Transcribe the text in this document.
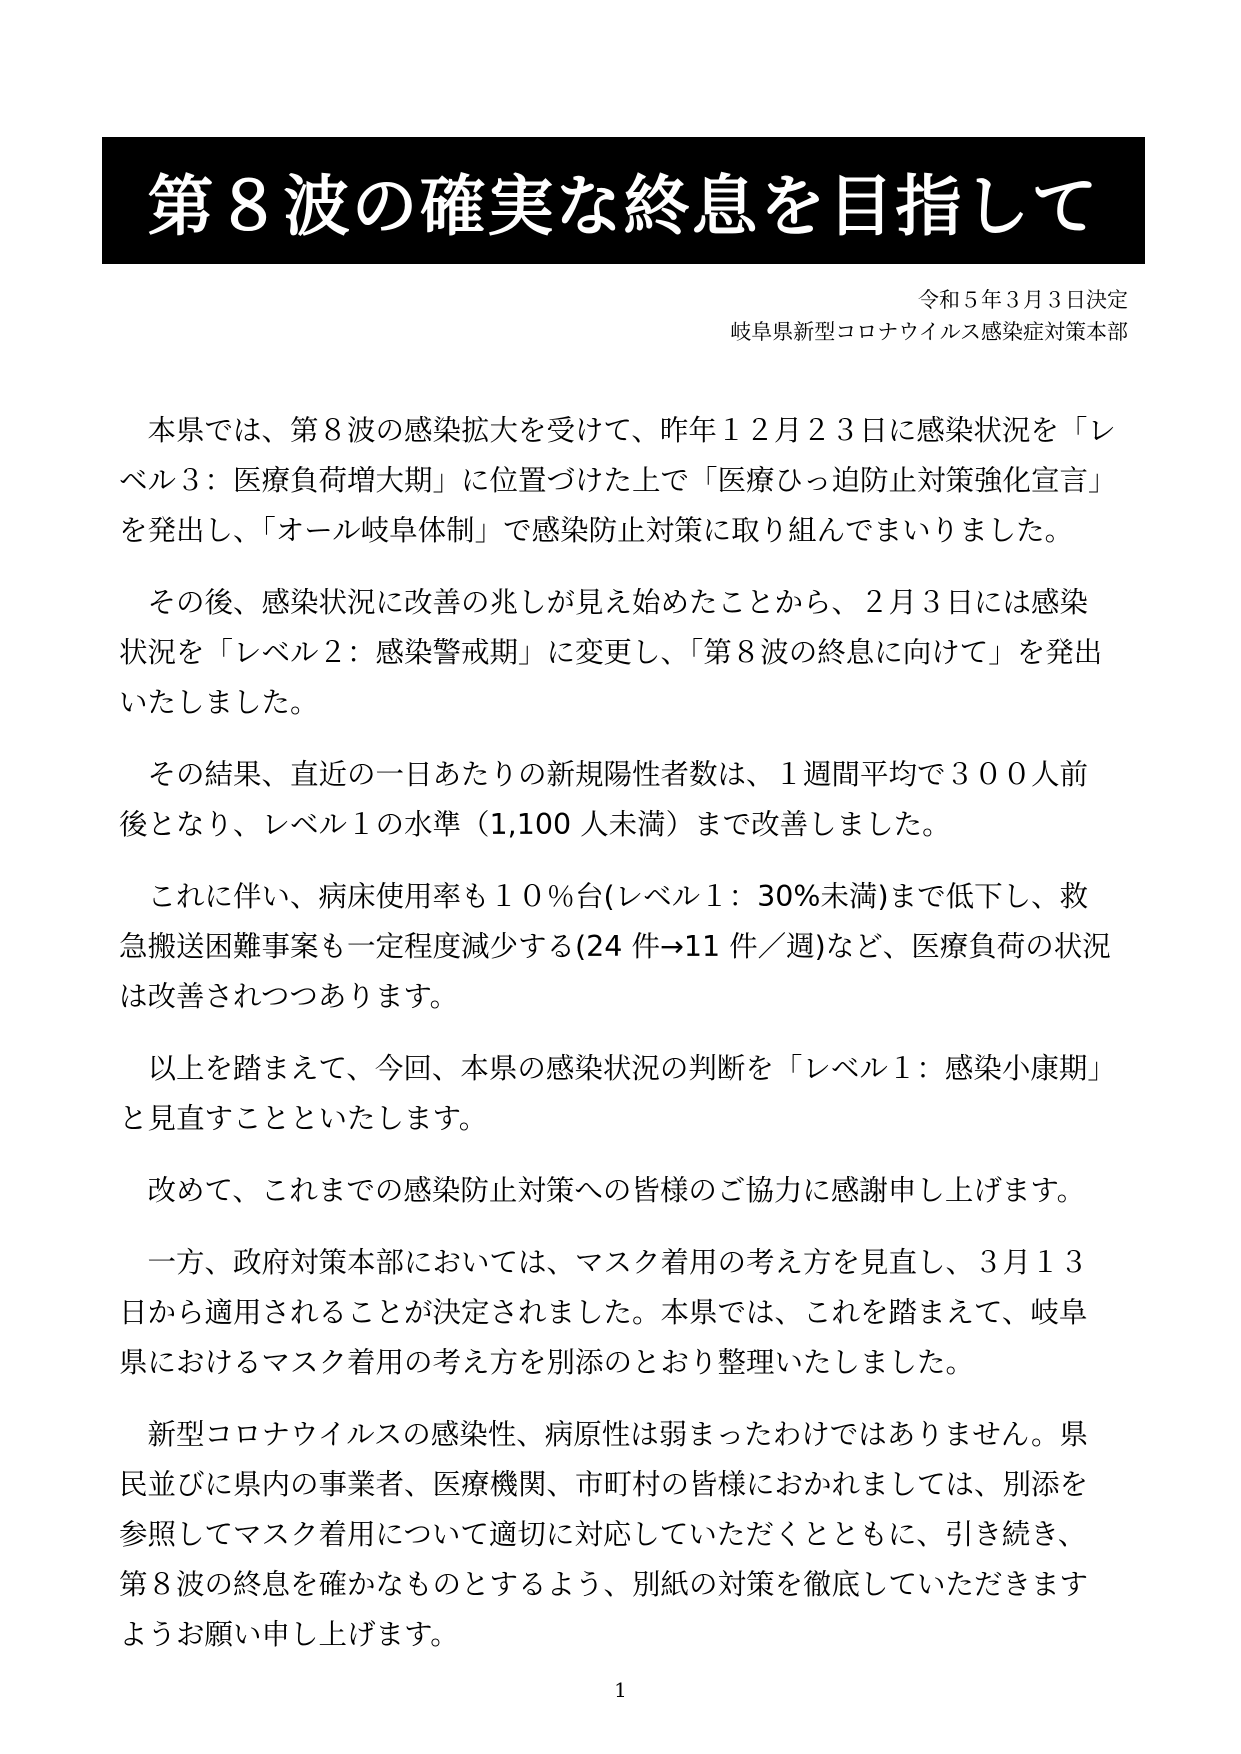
第８波の確実な終息を目指して
令和５年３月３日決定
岐阜県新型コロナウイルス感染症対策本部
　本県では、第８波の感染拡大を受けて、昨年１２月２３日に感染状況を「レ
ベル３：医療負荷増大期」に位置づけた上で「医療ひっ迫防止対策強化宣言」
を発出し、「オール岐阜体制」で感染防止対策に取り組んでまいりました。
　その後、感染状況に改善の兆しが見え始めたことから、２月３日には感染
状況を「レベル２：感染警戒期」に変更し、「第８波の終息に向けて」を発出
いたしました。
　その結果、直近の一日あたりの新規陽性者数は、１週間平均で３００人前
後となり、レベル１の水準（1,100 人未満）まで改善しました。
　これに伴い、病床使用率も１０％台(レベル１：30%未満)まで低下し、救
急搬送困難事案も一定程度減少する(24 件→11 件／週)など、医療負荷の状況
は改善されつつあります。
　以上を踏まえて、今回、本県の感染状況の判断を「レベル１：感染小康期」
と見直すことといたします。
　改めて、これまでの感染防止対策への皆様のご協力に感謝申し上げます。
　一方、政府対策本部においては、マスク着用の考え方を見直し、３月１３
日から適用されることが決定されました。本県では、これを踏まえて、岐阜
県におけるマスク着用の考え方を別添のとおり整理いたしました。
　新型コロナウイルスの感染性、病原性は弱まったわけではありません。県
民並びに県内の事業者、医療機関、市町村の皆様におかれましては、別添を
参照してマスク着用について適切に対応していただくとともに、引き続き、
第８波の終息を確かなものとするよう、別紙の対策を徹底していただきます
ようお願い申し上げます。
1
